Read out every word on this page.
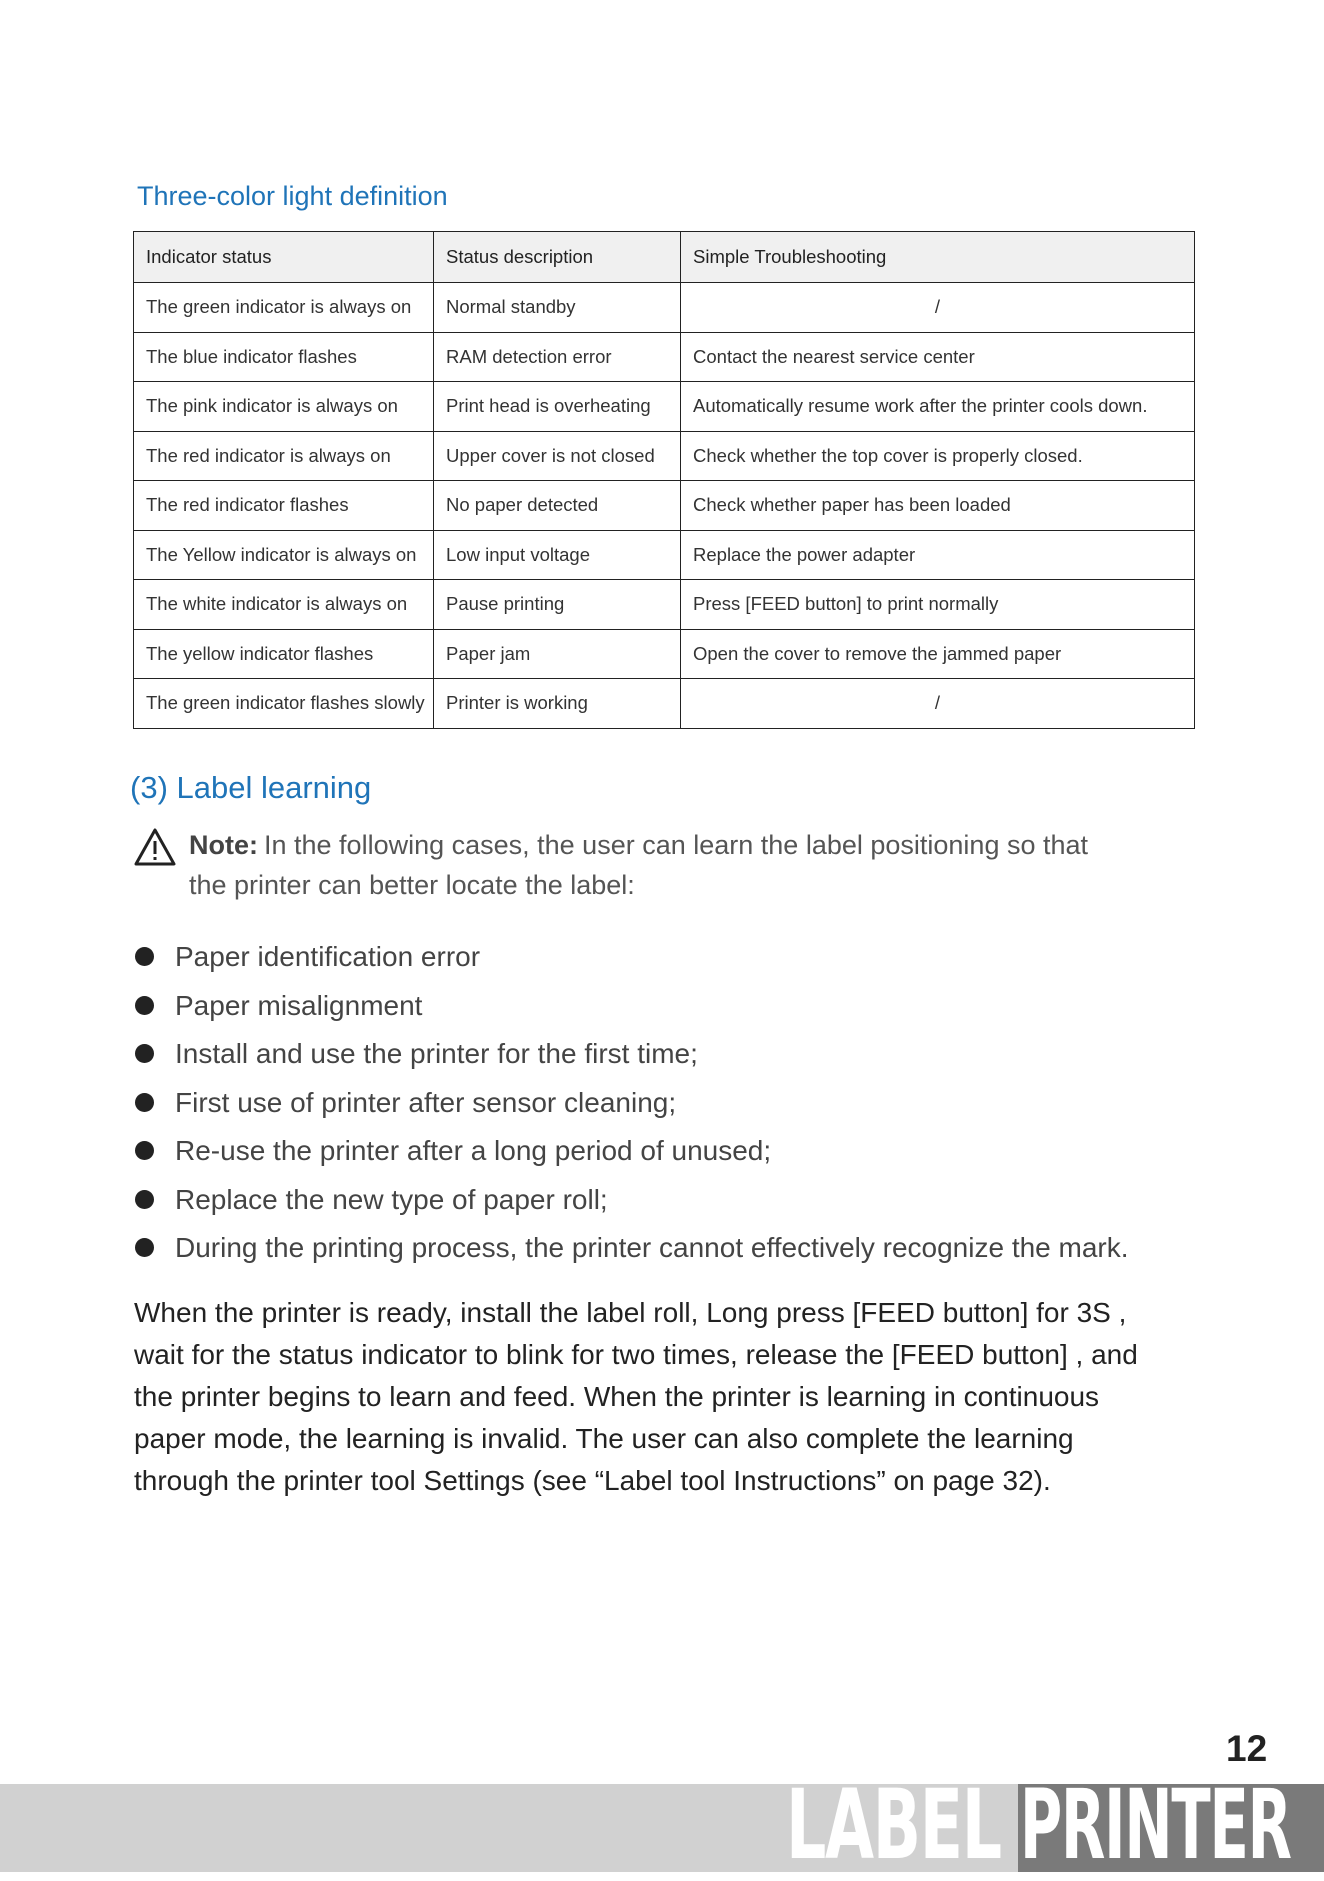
Three-color light definition
Indicator status	Status description	Simple Troubleshooting
The green indicator is always on	Normal standby	/
The blue indicator flashes	RAM detection error	Contact the nearest service center
The pink indicator is always on	Print head is overheating	Automatically resume work after the printer cools down.
The red indicator is always on	Upper cover is not closed	Check whether the top cover is properly closed.
The red indicator flashes	No paper detected	Check whether paper has been loaded
The Yellow indicator is always on	Low input voltage	Replace the power adapter
The white indicator is always on	Pause printing	Press [FEED button] to print normally
The yellow indicator flashes	Paper jam	Open the cover to remove the jammed paper
The green indicator flashes slowly	Printer is working	/
(3) Label learning
Note: In the following cases, the user can learn the label positioning so that the printer can better locate the label:
Paper identification error
Paper misalignment
Install and use the printer for the first time;
First use of printer after sensor cleaning;
Re-use the printer after a long period of unused;
Replace the new type of paper roll;
During the printing process, the printer cannot effectively recognize the mark.

When the printer is ready, install the label roll, Long press [FEED button] for 3S ,

wait for the status indicator to blink for two times, release the [FEED button] , and

the printer begins to learn and feed. When the printer is learning in continuous

paper mode, the learning is invalid. The user can also complete the learning

through the printer tool Settings (see “Label tool Instructions” on page 32).

12
LABEL PRINTER
